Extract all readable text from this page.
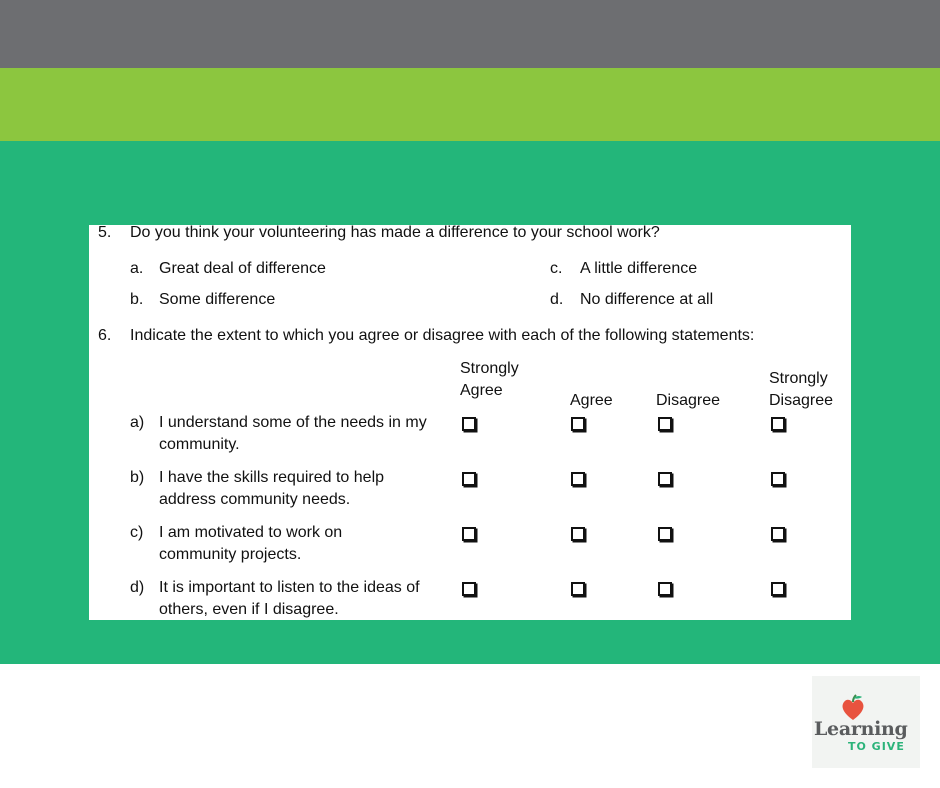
5. Do you think your volunteering has made a difference to your school work?
a. Great deal of difference
b. Some difference
c. A little difference
d. No difference at all
6. Indicate the extent to which you agree or disagree with each of the following statements:
Strongly
Agree
Agree	Disagree
Strongly
Disagree
a) I understand some of the needs in my
community.
b) I have the skills required to help
address community needs.
c) I am motivated to work on
community projects.
d) It is important to listen to the ideas of
others, even if I disagree.
Learning
TO GIVE
